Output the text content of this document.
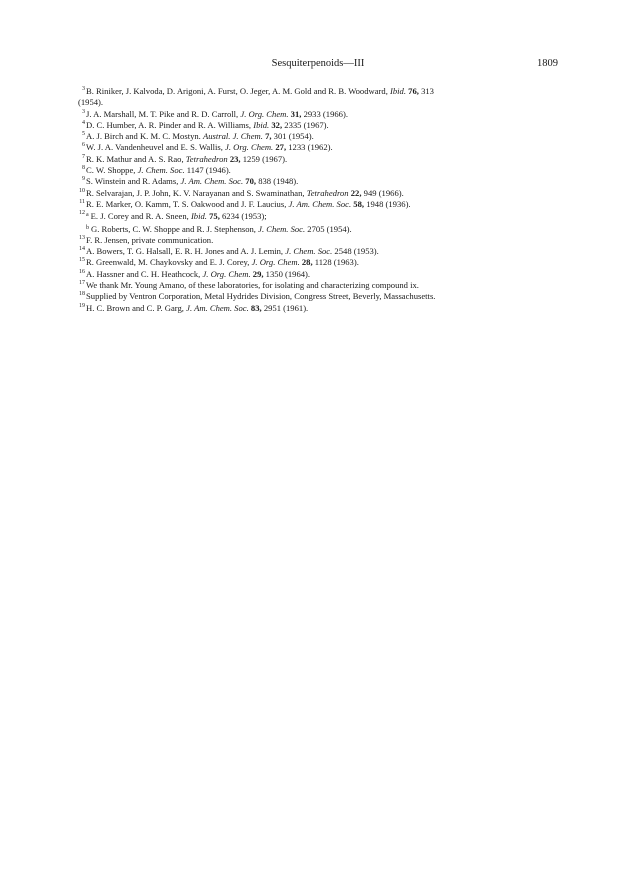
Sesquiterpenoids—III	1809
3 B. Riniker, J. Kalvoda, D. Arigoni, A. Furst, O. Jeger, A. M. Gold and R. B. Woodward, Ibid. 76, 313
(1954).
3 J. A. Marshall, M. T. Pike and R. D. Carroll, J. Org. Chem. 31, 2933 (1966).
4 D. C. Humber, A. R. Pinder and R. A. Williams, Ibid. 32, 2335 (1967).
5 A. J. Birch and K. M. C. Mostyn. Austral. J. Chem. 7, 301 (1954).
6 W. J. A. Vandenheuvel and E. S. Wallis, J. Org. Chem. 27, 1233 (1962).
7 R. K. Mathur and A. S. Rao, Tetrahedron 23, 1259 (1967).
8 C. W. Shoppe, J. Chem. Soc. 1147 (1946).
9 S. Winstein and R. Adams, J. Am. Chem. Soc. 70, 838 (1948).
10 R. Selvarajan, J. P. John, K. V. Narayanan and S. Swaminathan, Tetrahedron 22, 949 (1966).
11 R. E. Marker, O. Kamm, T. S. Oakwood and J. F. Laucius, J. Am. Chem. Soc. 58, 1948 (1936).
12 $^a$ E. J. Corey and R. A. Sneen, Ibid. 75, 6234 (1953);
$^b$ G. Roberts, C. W. Shoppe and R. J. Stephenson, J. Chem. Soc. 2705 (1954).
13 F. R. Jensen, private communication.
14 A. Bowers, T. G. Halsall, E. R. H. Jones and A. J. Lemin, J. Chem. Soc. 2548 (1953).
15 R. Greenwald, M. Chaykovsky and E. J. Corey, J. Org. Chem. 28, 1128 (1963).
16 A. Hassner and C. H. Heathcock, J. Org. Chem. 29, 1350 (1964).
17 We thank Mr. Young Amano, of these laboratories, for isolating and characterizing compound ix.
18 Supplied by Ventron Corporation, Metal Hydrides Division, Congress Street, Beverly, Massachusetts.
19 H. C. Brown and C. P. Garg, J. Am. Chem. Soc. 83, 2951 (1961).
